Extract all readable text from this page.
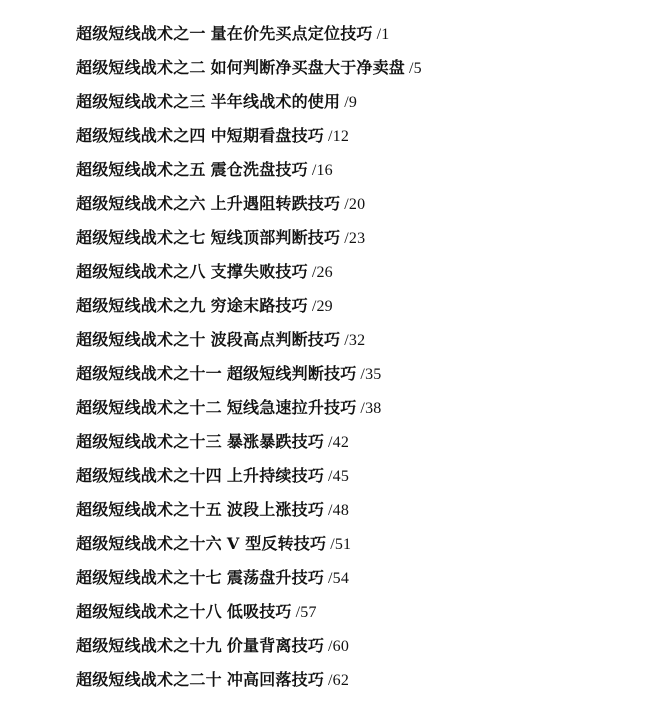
超级短线战术之一 量在价先买点定位技巧 /1
超级短线战术之二 如何判断净买盘大于净卖盘 /5
超级短线战术之三 半年线战术的使用 /9
超级短线战术之四 中短期看盘技巧 /12
超级短线战术之五 震仓洗盘技巧 /16
超级短线战术之六 上升遇阻转跌技巧 /20
超级短线战术之七 短线顶部判断技巧 /23
超级短线战术之八 支撑失败技巧 /26
超级短线战术之九 穷途末路技巧 /29
超级短线战术之十 波段高点判断技巧 /32
超级短线战术之十一 超级短线判断技巧 /35
超级短线战术之十二 短线急速拉升技巧 /38
超级短线战术之十三 暴涨暴跌技巧 /42
超级短线战术之十四 上升持续技巧 /45
超级短线战术之十五 波段上涨技巧 /48
超级短线战术之十六 V 型反转技巧 /51
超级短线战术之十七 震荡盘升技巧 /54
超级短线战术之十八 低吸技巧 /57
超级短线战术之十九 价量背离技巧 /60
超级短线战术之二十 冲高回落技巧 /62
